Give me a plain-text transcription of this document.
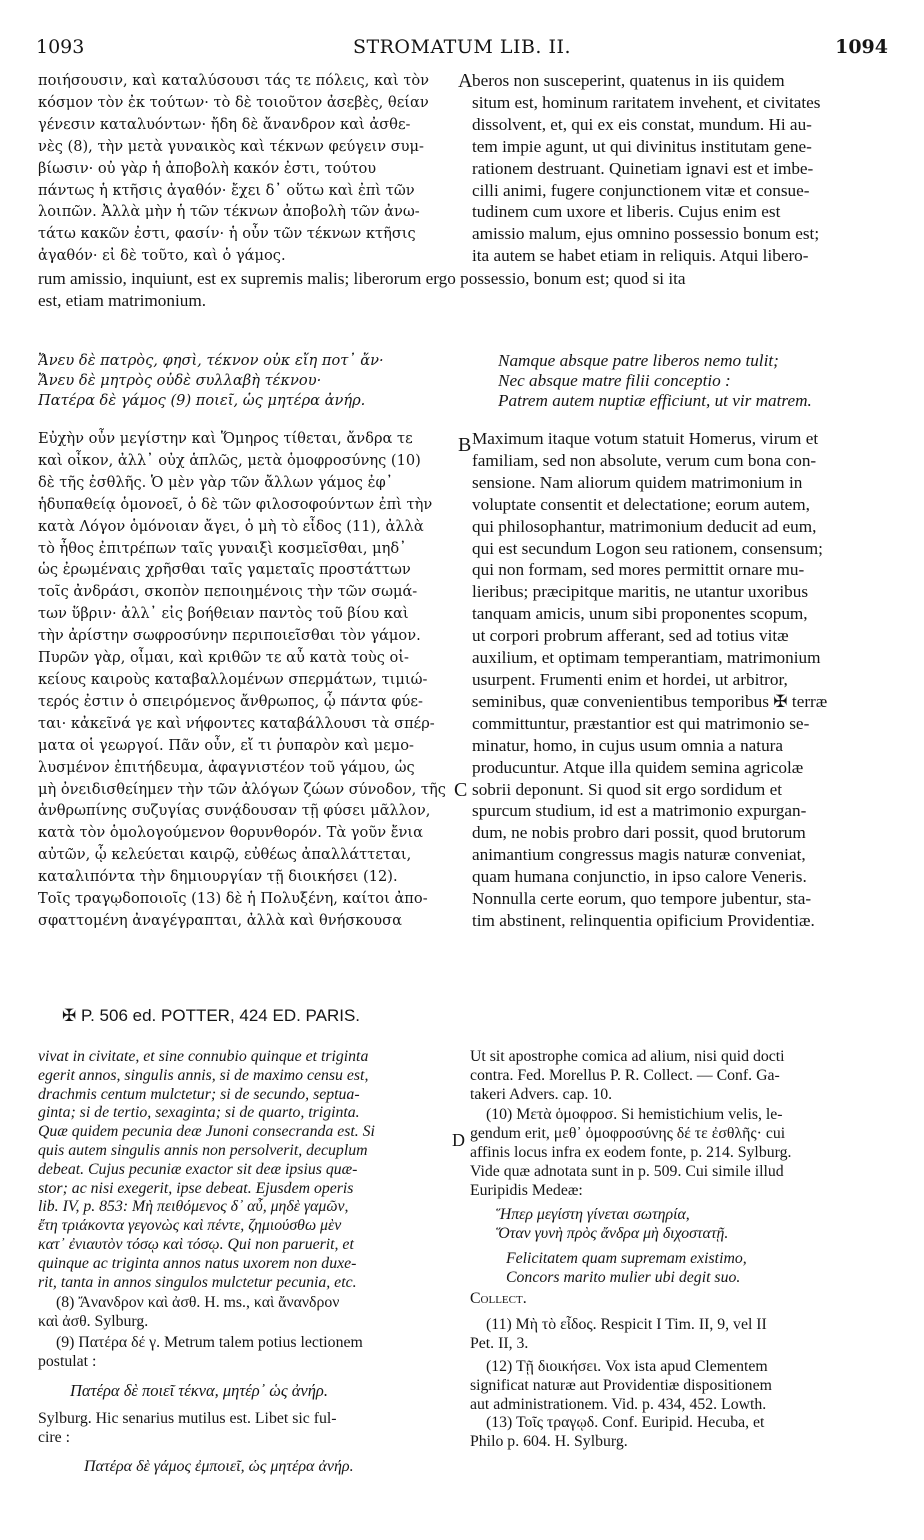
1093	STROMATUM LIB. II.	1094
ποιήσουσιν, καὶ καταλύσουσι τάς τε πόλεις, καὶ τὸν
κόσμον τὸν ἐκ τούτων· τὸ δὲ τοιοῦτον ἀσεβὲς, θείαν
γένεσιν καταλυόντων· ἤδη δὲ ἄνανδρον καὶ ἀσθε-
νὲς (8), τὴν μετὰ γυναικὸς καὶ τέκνων φεύγειν συμ-
βίωσιν· οὐ γὰρ ἡ ἀποβολὴ κακόν ἐστι, τούτου
πάντως ἡ κτῆσις ἀγαθόν· ἔχει δ᾽ οὕτω καὶ ἐπὶ τῶν
λοιπῶν. Ἀλλὰ μὴν ἡ τῶν τέκνων ἀποβολὴ τῶν ἀνω-
τάτω κακῶν ἐστι, φασίν· ἡ οὖν τῶν τέκνων κτῆσις
ἀγαθόν· εἰ δὲ τοῦτο, καὶ ὁ γάμος.
A beros non susceperint, quatenus in iis quidem
situm est, hominum raritatem invehent, et civitates
dissolvent, et, qui ex eis constat, mundum. Hi au-
tem impie agunt, ut qui divinitus institutam gene-
rationem destruant. Quinetiam ignavi est et imbe-
cilli animi, fugere conjunctionem vitæ et consue-
tudinem cum uxore et liberis. Cujus enim est
amissio malum, ejus omnino possessio bonum est;
ita autem se habet etiam in reliquis. Atqui libero-
rum amissio, inquiunt, est ex supremis malis; liberorum ergo possessio, bonum est; quod si ita
est, etiam matrimonium.
Ἄνευ δὲ πατρὸς, φησὶ, τέκνον οὐκ εἴη ποτ᾽ ἄν·
Ἄνευ δὲ μητρὸς οὐδὲ συλλαβὴ τέκνου·
Πατέρα δὲ γάμος (9) ποιεῖ, ὡς μητέρα ἀνήρ.
Namque absque patre liberos nemo tulit;
Nec absque matre filii conceptio :
Patrem autem nuptiæ efficiunt, ut vir matrem.
Εὐχὴν οὖν μεγίστην καὶ Ὅμηρος τίθεται, ἄνδρα τε
καὶ οἶκον, ἀλλ᾽ οὐχ ἁπλῶς, μετὰ ὁμοφροσύνης (10)
δὲ τῆς ἐσθλῆς. Ὁ μὲν γὰρ τῶν ἄλλων γάμος ἐφ᾽
ἡδυπαθείᾳ ὁμονοεῖ, ὁ δὲ τῶν φιλοσοφούντων ἐπὶ τὴν
κατὰ Λόγον ὁμόνοιαν ἄγει, ὁ μὴ τὸ εἶδος (11), ἀλλὰ
τὸ ἦθος ἐπιτρέπων ταῖς γυναιξὶ κοσμεῖσθαι, μηδ᾽
ὡς ἐρωμέναις χρῆσθαι ταῖς γαμεταῖς προστάττων
τοῖς ἀνδράσι, σκοπὸν πεποιημένοις τὴν τῶν σωμά-
των ὕβριν· ἀλλ᾽ εἰς βοήθειαν παντὸς τοῦ βίου καὶ
τὴν ἀρίστην σωφροσύνην περιποιεῖσθαι τὸν γάμον.
Πυρῶν γὰρ, οἶμαι, καὶ κριθῶν τε αὖ κατὰ τοὺς οἰ-
κείους καιροὺς καταβαλλομένων σπερμάτων, τιμιώ-
τερός ἐστιν ὁ σπειρόμενος ἄνθρωπος, ᾧ πάντα φύε-
ται· κἀκεῖνά γε καὶ νήφοντες καταβάλλουσι τὰ σπέρ-
ματα οἱ γεωργοί. Πᾶν οὖν, εἴ τι ῥυπαρὸν καὶ μεμο-
λυσμένον ἐπιτήδευμα, ἀφαγνιστέον τοῦ γάμου, ὡς
μὴ ὀνειδισθείημεν τὴν τῶν ἀλόγων ζώων σύνοδον, τῆς
ἀνθρωπίνης συζυγίας συνᾴδουσαν τῇ φύσει μᾶλλον,
κατὰ τὸν ὁμολογούμενον θορυνθορόν. Τὰ γοῦν ἔνια
αὐτῶν, ᾧ κελεύεται καιρῷ, εὐθέως ἀπαλλάττεται,
καταλιπόντα τὴν δημιουργίαν τῇ διοικήσει (12).
Τοῖς τραγῳδοποιοῖς (13) δὲ ἡ Πολυξένη, καίτοι ἀπο-
σφαττομένη ἀναγέγραπται, ἀλλὰ καὶ θνήσκουσα
B
C
Maximum itaque votum statuit Homerus, virum et
familiam, sed non absolute, verum cum bona con-
sensione. Nam aliorum quidem matrimonium in
voluptate consentit et delectatione; eorum autem,
qui philosophantur, matrimonium deducit ad eum,
qui est secundum Logon seu rationem, consensum;
qui non formam, sed mores permittit ornare mu-
lieribus; præcipitque maritis, ne utantur uxoribus
tanquam amicis, unum sibi proponentes scopum,
ut corpori probrum afferant, sed ad totius vitæ
auxilium, et optimam temperantiam, matrimonium
usurpent. Frumenti enim et hordei, ut arbitror,
seminibus, quæ convenientibus temporibus ✠ terræ
committuntur, præstantior est qui matrimonio se-
minatur, homo, in cujus usum omnia a natura
producuntur. Atque illa quidem semina agricolæ
sobrii deponunt. Si quod sit ergo sordidum et
spurcum studium, id est a matrimonio expurgan-
dum, ne nobis probro dari possit, quod brutorum
animantium congressus magis naturæ conveniat,
quam humana conjunctio, in ipso calore Veneris.
Nonnulla certe eorum, quo tempore jubentur, sta-
tim abstinent, relinquentia opificium Providentiæ.
✠ P. 506 ed. POTTER, 424 ED. PARIS.
vivat in civitate, et sine connubio quinque et triginta
egerit annos, singulis annis, si de maximo censu est,
drachmis centum mulctetur; si de secundo, septua-
ginta; si de tertio, sexaginta; si de quarto, triginta.
Quæ quidem pecunia deæ Junoni consecranda est. Si
quis autem singulis annis non persolverit, decuplum
debeat. Cujus pecuniæ exactor sit deæ ipsius quæ-
stor; ac nisi exegerit, ipse debeat. Ejusdem operis
lib. IV, p. 853: Μὴ πειθόμενος δ᾽ αὖ, μηδὲ γαμῶν,
ἔτη τριάκοντα γεγονὼς καὶ πέντε, ζημιούσθω μὲν
κατ᾽ ἐνιαυτὸν τόσῳ καὶ τόσῳ. Qui non paruerit, et
quinque ac triginta annos natus uxorem non duxe-
rit, tanta in annos singulos mulctetur pecunia, etc.
(8) Ἄνανδρον καὶ ἀσθ. H. ms., καὶ ἄνανδρον
καὶ ἀσθ. Sylburg.
(9) Πατέρα δέ γ. Metrum talem potius lectionem
postulat :
Πατέρα δὲ ποιεῖ τέκνα, μητέρ᾽ ὡς ἀνήρ.
Sylburg. Hic senarius mutilus est. Libet sic ful-
cire :
Πατέρα δὲ γάμος ἐμποιεῖ, ὡς μητέρα ἀνήρ.
D
Ut sit apostrophe comica ad alium, nisi quid docti
contra. Fed. Morellus P. R. Collect. — Conf. Ga-
takeri Advers. cap. 10.
(10) Μετὰ ὁμοφροσ. Si hemistichium velis, le-
gendum erit, μεθ᾽ ὁμοφροσύνης δέ τε ἐσθλῆς· cui
affinis locus infra ex eodem fonte, p. 214. Sylburg.
Vide quæ adnotata sunt in p. 509. Cui simile illud
Euripidis Medeæ:
Ἥπερ μεγίστη γίνεται σωτηρία,
Ὅταν γυνὴ πρὸς ἄνδρα μὴ διχοστατῇ.
Felicitatem quam supremam existimo,
Concors marito mulier ubi degit suo.
Collect.
(11) Μὴ τὸ εἶδος. Respicit I Tim. II, 9, vel II
Pet. II, 3.
(12) Τῇ διοικήσει. Vox ista apud Clementem
significat naturæ aut Providentiæ dispositionem
aut administrationem. Vid. p. 434, 452. Lowth.
(13) Τοῖς τραγῳδ. Conf. Euripid. Hecuba, et
Philo p. 604. H. Sylburg.
